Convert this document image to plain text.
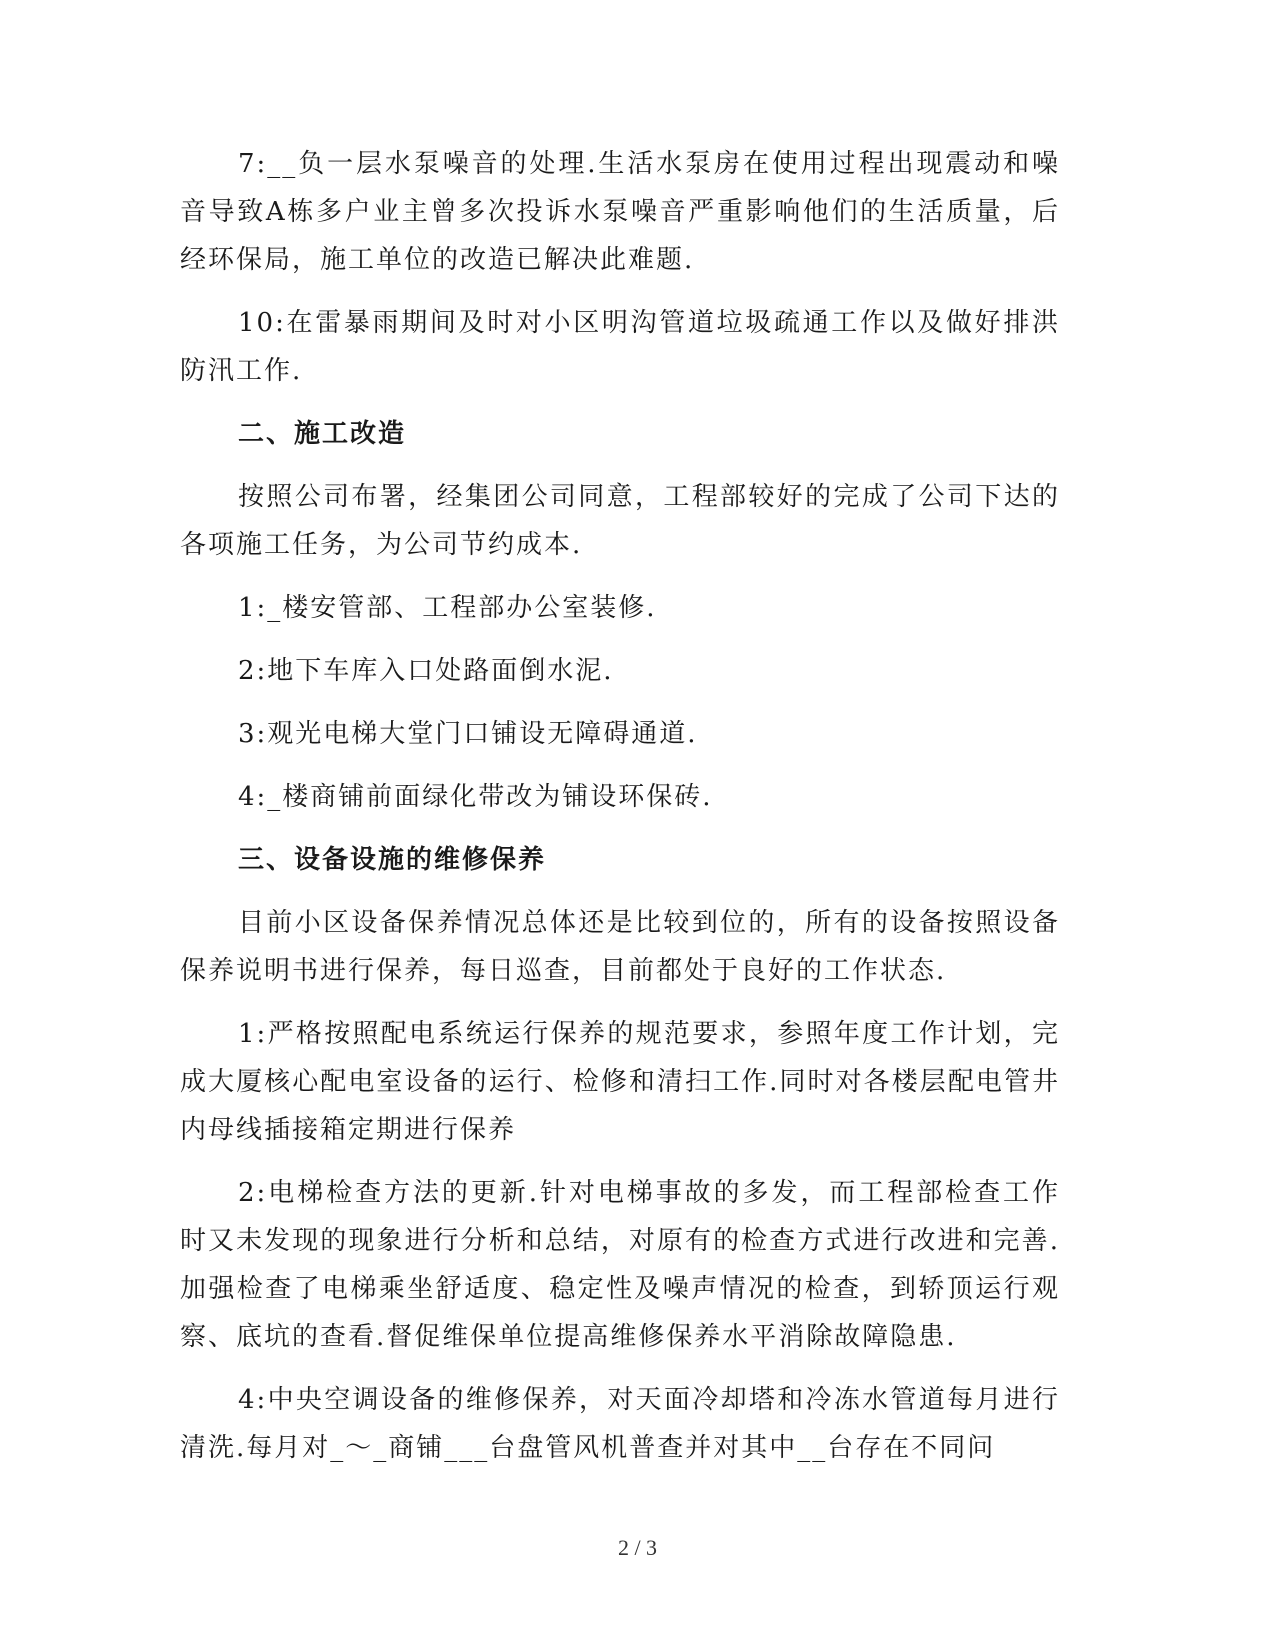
7:__负一层水泵噪音的处理.生活水泵房在使用过程出现震动和噪音导致A栋多户业主曾多次投诉水泵噪音严重影响他们的生活质量，后经环保局，施工单位的改造已解决此难题.

10:在雷暴雨期间及时对小区明沟管道垃圾疏通工作以及做好排洪防汛工作.

二、施工改造

按照公司布署，经集团公司同意，工程部较好的完成了公司下达的各项施工任务，为公司节约成本.

1:_楼安管部、工程部办公室装修.

2:地下车库入口处路面倒水泥.

3:观光电梯大堂门口铺设无障碍通道.

4:_楼商铺前面绿化带改为铺设环保砖.

三、设备设施的维修保养

目前小区设备保养情况总体还是比较到位的，所有的设备按照设备保养说明书进行保养，每日巡查，目前都处于良好的工作状态.

1:严格按照配电系统运行保养的规范要求，参照年度工作计划，完成大厦核心配电室设备的运行、检修和清扫工作.同时对各楼层配电管井内母线插接箱定期进行保养

2:电梯检查方法的更新.针对电梯事故的多发，而工程部检查工作时又未发现的现象进行分析和总结，对原有的检查方式进行改进和完善.加强检查了电梯乘坐舒适度、稳定性及噪声情况的检查，到轿顶运行观察、底坑的查看.督促维保单位提高维修保养水平消除故障隐患.

4:中央空调设备的维修保养，对天面冷却塔和冷冻水管道每月进行清洗.每月对_～_商铺___台盘管风机普查并对其中__台存在不同问

2 / 3
